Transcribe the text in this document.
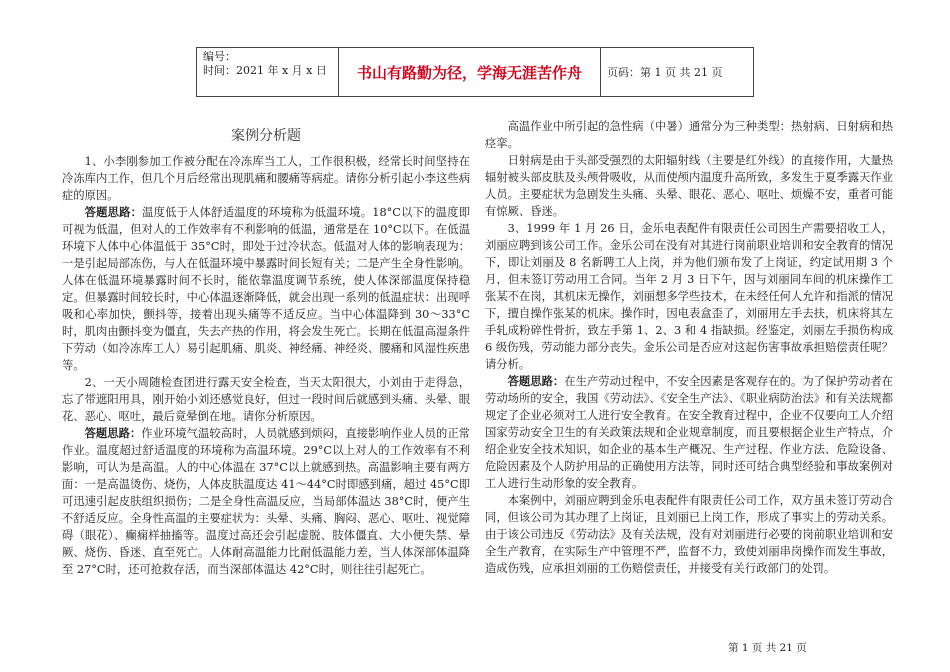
编号：
时间：2021 年 x 月 x 日	书山有路勤为径，学海无涯苦作舟 页码：第 1 页 共 21 页
案例分析题

1、小李刚参加工作被分配在冷冻库当工人，工作很积极，经常长时间坚持在冷冻库内工作，但几个月后经常出现肌痛和腰痛等病症。请你分析引起小李这些病症的原因。

答题思路：温度低于人体舒适温度的环境称为低温环境。18°C以下的温度即可视为低温，但对人的工作效率有不利影响的低温，通常是在 10°C以下。在低温环境下人体中心体温低于 35°C时，即处于过冷状态。低温对人体的影响表现为：一是引起局部冻伤，与人在低温环境中暴露时间长短有关；二是产生全身性影响。人体在低温环境暴露时间不长时，能依靠温度调节系统，使人体深部温度保持稳定。但暴露时间较长时，中心体温逐渐降低，就会出现一系列的低温症状：出现呼吸和心率加快，颤抖等，接着出现头痛等不适反应。当中心体温降到 30～33°C时，肌肉由颤抖变为僵直，失去产热的作用，将会发生死亡。长期在低温高湿条件下劳动（如冷冻库工人）易引起肌痛、肌炎、神经痛、神经炎、腰痛和风湿性疾患等。

2、一天小周随检查团进行露天安全检查，当天太阳很大，小刘由于走得急，忘了带遮阳用具，刚开始小刘还感觉良好，但过一段时间后就感到头痛、头晕、眼花、恶心、呕吐，最后竟晕倒在地。请你分析原因。

答题思路：作业环境气温较高时，人员就感到烦闷，直接影响作业人员的正常作业。温度超过舒适温度的环境称为高温环境。29°C以上对人的工作效率有不利影响，可认为是高温。人的中心体温在 37°C以上就感到热。高温影响主要有两方面：一是高温烫伤、烧伤，人体皮肤温度达 41～44°C时即感到痛，超过 45°C即可迅速引起皮肤组织损伤；二是全身性高温反应，当局部体温达 38°C时，便产生不舒适反应。全身性高温的主要症状为：头晕、头痛、胸闷、恶心、呕吐、视觉障碍（眼花）、癫痫样抽搐等。温度过高还会引起虚脱、肢体僵直、大小便失禁、晕厥、烧伤、昏迷、直至死亡。人体耐高温能力比耐低温能力差，当人体深部体温降至 27°C时，还可抢救存活，而当深部体温达 42°C时，则往往引起死亡。

高温作业中所引起的急性病（中暑）通常分为三种类型：热射病、日射病和热痉挛。

日射病是由于头部受强烈的太阳辐射线（主要是红外线）的直接作用，大量热辐射被头部皮肤及头颅骨吸收，从而使颅内温度升高所致，多发生于夏季露天作业人员。主要症状为急剧发生头痛、头晕、眼花、恶心、呕吐、烦燥不安，重者可能有惊厥、昏迷。

3、1999 年 1 月 26 日，金乐电表配件有限责任公司因生产需要招收工人，刘丽应聘到该公司工作。金乐公司在没有对其进行岗前职业培训和安全教育的情况下，即让刘丽及 8 名新聘工人上岗，并为他们颁布发了上岗证，约定试用期 3 个月，但未签订劳动用工合同。当年 2 月 3 日下午，因与刘丽同车间的机床操作工张某不在岗，其机床无操作，刘丽想多学些技术，在未经任何人允许和指派的情况下，擅自操作张某的机床。操作时，因电表盒歪了，刘丽用左手去扶，机床将其左手轧成粉碎性骨折，致左手第 1、2、3 和 4 指缺损。经鉴定，刘丽左手损伤构成 6 级伤残，劳动能力部分丧失。金乐公司是否应对这起伤害事故承担赔偿责任呢？请分析。

答题思路：在生产劳动过程中，不安全因素是客观存在的。为了保护劳动者在劳动场所的安全，我国《劳动法》、《安全生产法》、《职业病防治法》和有关法规都规定了企业必须对工人进行安全教育。在安全教育过程中，企业不仅要向工人介绍国家劳动安全卫生的有关政策法规和企业规章制度，而且要根据企业生产特点，介绍企业安全技术知识，如企业的基本生产概况、生产过程、作业方法、危险设备、危险因素及个人防护用品的正确使用方法等，同时还可结合典型经验和事故案例对工人进行生动形象的安全教育。

本案例中，刘丽应聘到金乐电表配件有限责任公司工作，双方虽未签订劳动合同，但该公司为其办理了上岗证，且刘丽已上岗工作，形成了事实上的劳动关系。由于该公司违反《劳动法》及有关法规，没有对刘丽进行必要的岗前职业培训和安全生产教育，在实际生产中管理不严，监督不力，致使刘丽串岗操作而发生事故，造成伤残，应承担刘丽的工伤赔偿责任，并接受有关行政部门的处罚。

第 1 页 共 21 页
